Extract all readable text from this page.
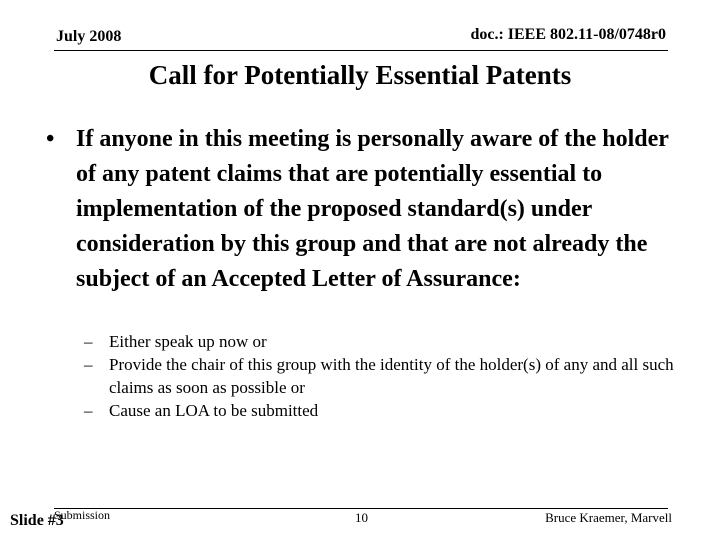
July 2008	doc.: IEEE 802.11-08/0748r0
Call for Potentially Essential Patents
• If anyone in this meeting is personally aware of the holder of any patent claims that are potentially essential to implementation of the proposed standard(s) under consideration by this group and that are not already the subject of an Accepted Letter of Assurance:
– Either speak up now or
– Provide the chair of this group with the identity of the holder(s) of any and all such claims as soon as possible or
– Cause an LOA to be submitted
Slide #3
Submission	10	Bruce Kraemer, Marvell
